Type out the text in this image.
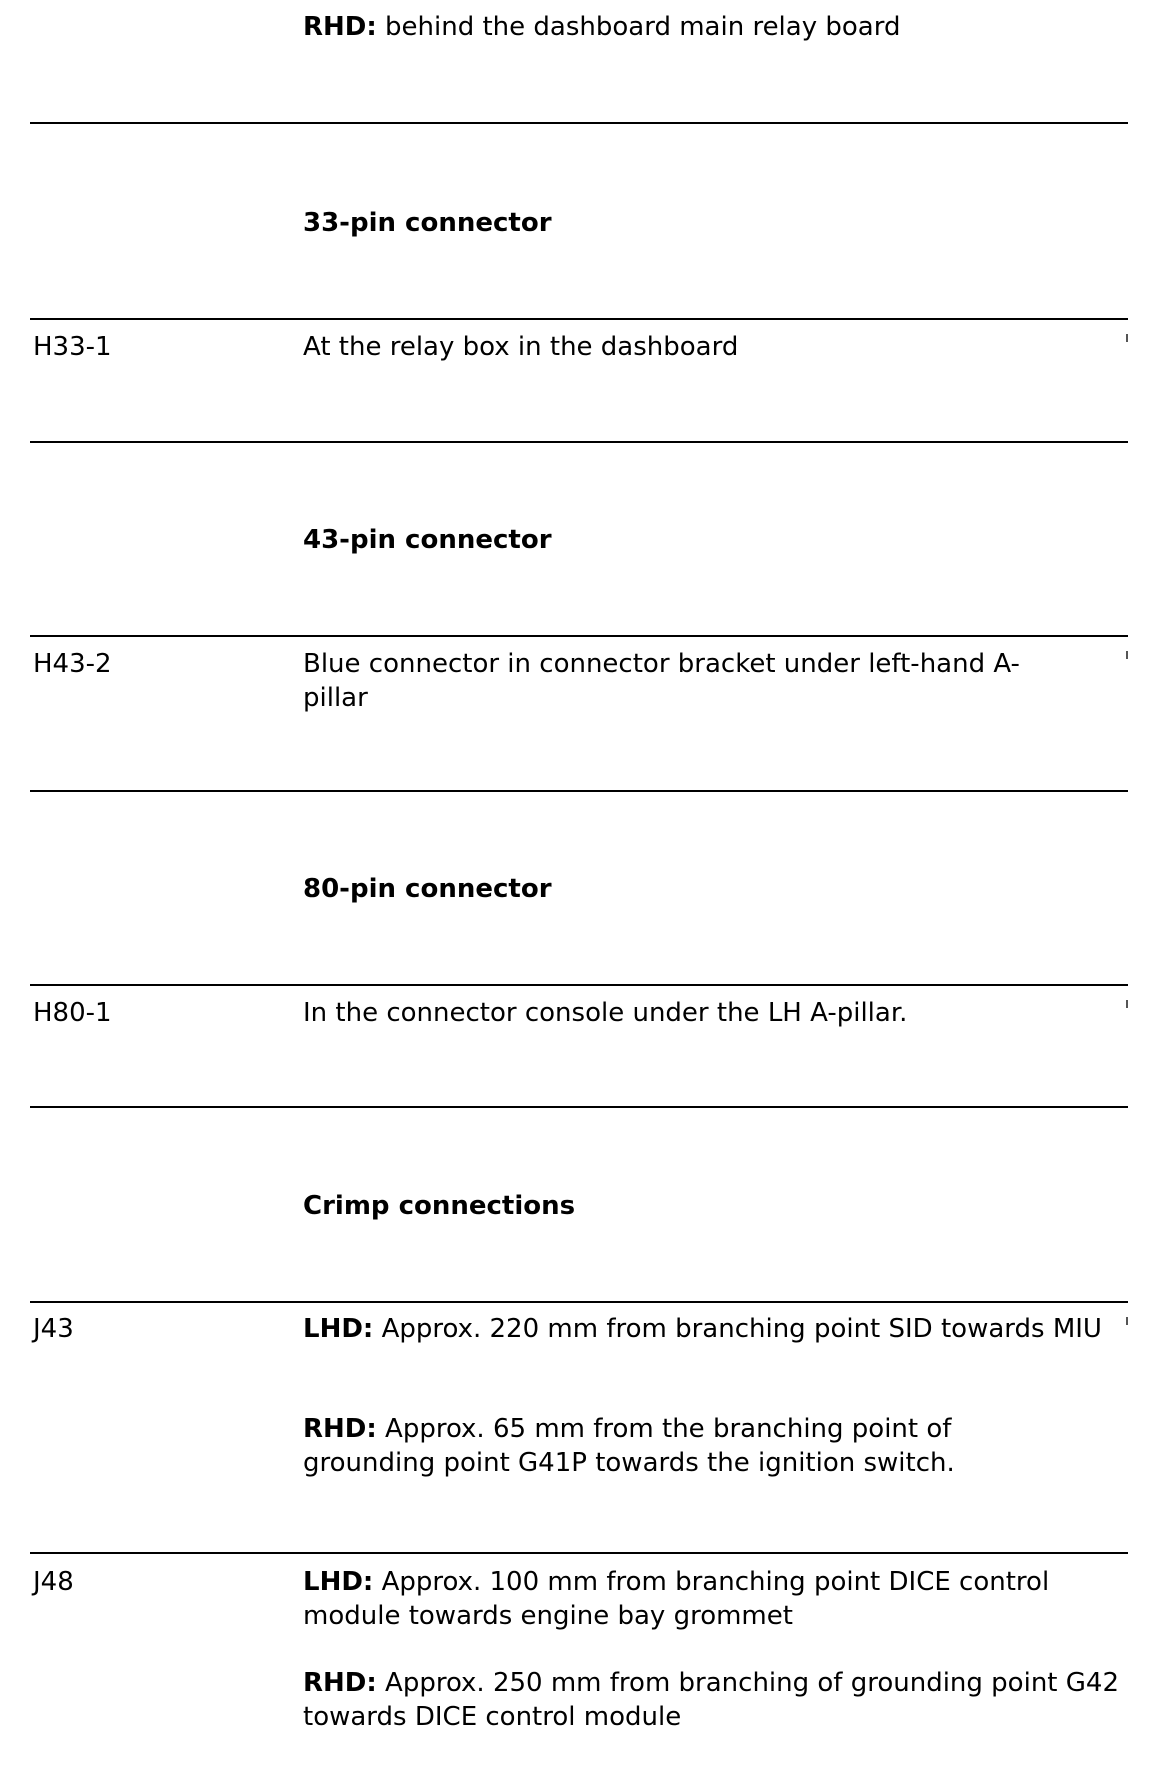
RHD: behind the dashboard main relay board
33-pin connector
H33-1	At the relay box in the dashboard
43-pin connector
H43-2	Blue connector in connector bracket under left-hand A-pillar
80-pin connector
H80-1	In the connector console under the LH A-pillar.
Crimp connections
J43	LHD: Approx. 220 mm from branching point SID towards MIU
RHD: Approx. 65 mm from the branching point of grounding point G41P towards the ignition switch.
J48	LHD: Approx. 100 mm from branching point DICE control module towards engine bay grommet
RHD: Approx. 250 mm from branching of grounding point G42 towards DICE control module
